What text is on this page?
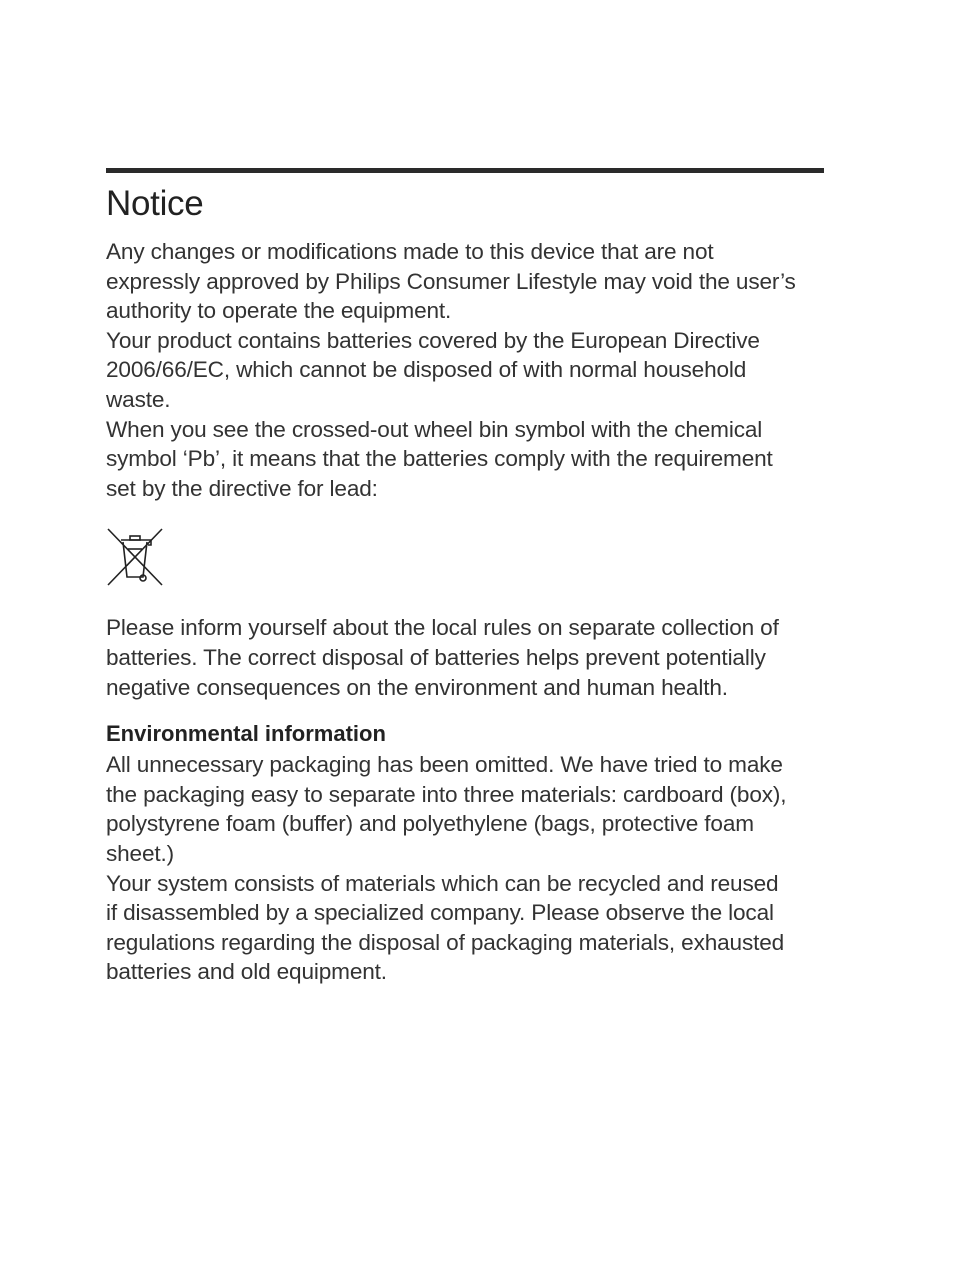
Notice

Any changes or modifications made to this device that are not
expressly approved by Philips Consumer Lifestyle may void the user’s
authority to operate the equipment.

Your product contains batteries covered by the European Directive
2006/66/EC, which cannot be disposed of with normal household
waste.

When you see the crossed-out wheel bin symbol with the chemical
symbol ‘Pb’, it means that the batteries comply with the requirement
set by the directive for lead:

Please inform yourself about the local rules on separate collection of
batteries. The correct disposal of batteries helps prevent potentially
negative consequences on the environment and human health.

Environmental information

All unnecessary packaging has been omitted. We have tried to make
the packaging easy to separate into three materials: cardboard (box),
polystyrene foam (buffer) and polyethylene (bags, protective foam
sheet.)

Your system consists of materials which can be recycled and reused
if disassembled by a specialized company. Please observe the local
regulations regarding the disposal of packaging materials, exhausted
batteries and old equipment.
